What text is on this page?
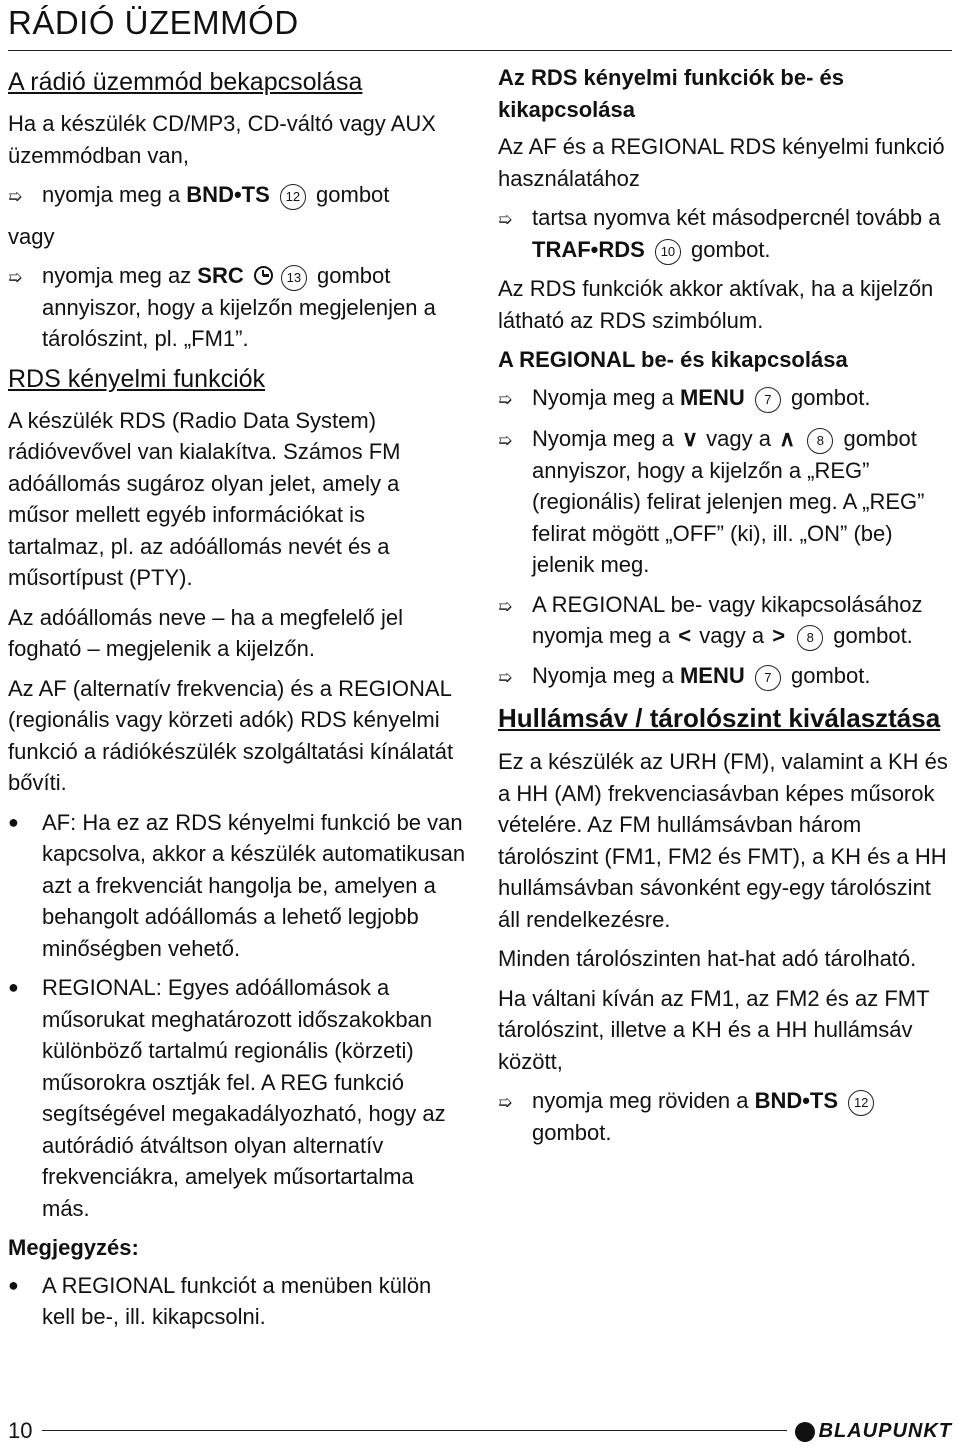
RÁDIÓ ÜZEMMÓD
A rádió üzemmód bekapcsolása

Ha a készülék CD/MP3, CD-váltó vagy AUX üzemmódban van,

➯ nyomja meg a BND•TS 12 gombot

vagy

➯ nyomja meg az SRC	13 gombot annyiszor, hogy a kijelzőn megjelenjen a tárolószint, pl. „FM1”.
RDS kényelmi funkciók

A készülék RDS (Radio Data System) rádióvevővel van kialakítva. Számos FM adóállomás sugároz olyan jelet, amely a műsor mellett egyéb információkat is tartalmaz, pl. az adóállomás nevét és a műsortípust (PTY).

Az adóállomás neve – ha a megfelelő jel fogható – megjelenik a kijelzőn.

Az AF (alternatív frekvencia) és a REGIONAL (regionális vagy körzeti adók) RDS kényelmi funkció a rádiókészülék szolgáltatási kínálatát bővíti.

●	AF: Ha ez az RDS kényelmi funkció be van kapcsolva, akkor a készülék automatikusan azt a frekvenciát hangolja be, amelyen a behangolt adóállomás a lehető legjobb minőségben vehető.
●	REGIONAL: Egyes adóállomások a műsorukat meghatározott időszakokban különböző tartalmú regionális (körzeti) műsorokra osztják fel. A REG funkció segítségével megakadályozható, hogy az autórádió átváltson olyan alternatív frekvenciákra, amelyek műsortartalma más.
Megjegyzés:
●	A REGIONAL funkciót a menüben külön kell be-, ill. kikapcsolni.
Az RDS kényelmi funkciók be- és kikapcsolása

Az AF és a REGIONAL RDS kényelmi funkció használatához

➯ tartsa nyomva két másodpercnél tovább a TRAF•RDS 10 gombot.

Az RDS funkciók akkor aktívak, ha a kijelzőn látható az RDS szimbólum.

A REGIONAL be- és kikapcsolása
➯ Nyomja meg a MENU 7 gombot.
➯ Nyomja meg a ∨ vagy a ∧ 8 gombot annyiszor, hogy a kijelzőn a „REG” (regionális) felirat jelenjen meg. A „REG” felirat mögött „OFF” (ki), ill. „ON” (be) jelenik meg.
➯ A REGIONAL be- vagy kikapcsolásához nyomja meg a < vagy a > 8 gombot.
➯ Nyomja meg a MENU 7 gombot.
Hullámsáv / tárolószint kiválasztása

Ez a készülék az URH (FM), valamint a KH és a HH (AM) frekvenciasávban képes műsorok vételére. Az FM hullámsávban három tárolószint (FM1, FM2 és FMT), a KH és a HH hullámsávban sávonként egy-egy tárolószint áll rendelkezésre.

Minden tárolószinten hat-hat adó tárolható.

Ha váltani kíván az FM1, az FM2 és az FMT tárolószint, illetve a KH és a HH hullámsáv között,

➯ nyomja meg röviden a BND•TS 12 gombot.
10	BLAUPUNKT
